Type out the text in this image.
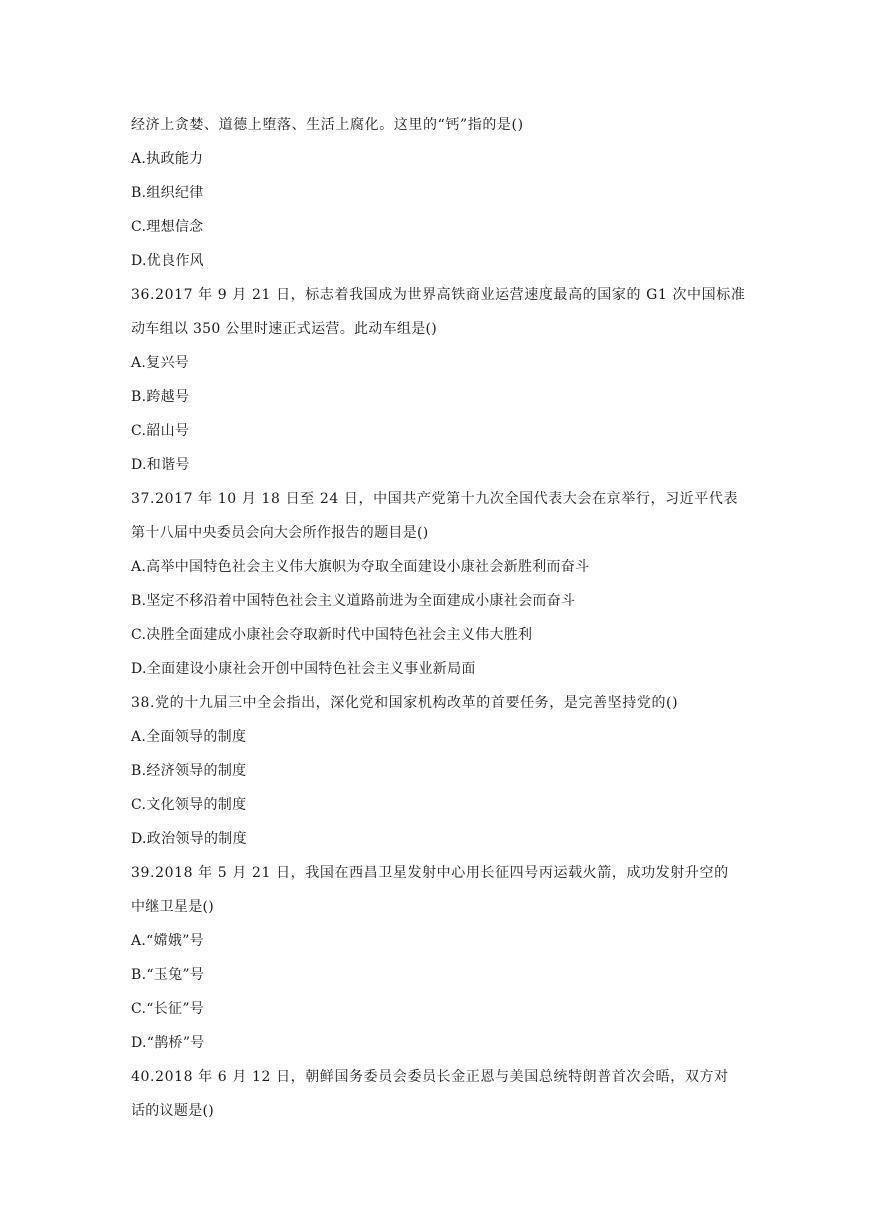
经济上贪婪、道德上堕落、生活上腐化。这里的“钙”指的是()
A.执政能力
B.组织纪律
C.理想信念
D.优良作风
36.2017 年 9 月 21 日，标志着我国成为世界高铁商业运营速度最高的国家的 G1 次中国标准
动车组以 350 公里时速正式运营。此动车组是()
A.复兴号
B.跨越号
C.韶山号
D.和谐号
37.2017 年 10 月 18 日至 24 日，中国共产党第十九次全国代表大会在京举行，习近平代表
第十八届中央委员会向大会所作报告的题目是()
A.高举中国特色社会主义伟大旗帜为夺取全面建设小康社会新胜利而奋斗
B.坚定不移沿着中国特色社会主义道路前进为全面建成小康社会而奋斗
C.决胜全面建成小康社会夺取新时代中国特色社会主义伟大胜利
D.全面建设小康社会开创中国特色社会主义事业新局面
38.党的十九届三中全会指出，深化党和国家机构改革的首要任务，是完善坚持党的()
A.全面领导的制度
B.经济领导的制度
C.文化领导的制度
D.政治领导的制度
39.2018 年 5 月 21 日，我国在西昌卫星发射中心用长征四号丙运载火箭，成功发射升空的
中继卫星是()
A.“嫦娥”号
B.“玉兔”号
C.“长征”号
D.“鹊桥”号
40.2018 年 6 月 12 日，朝鲜国务委员会委员长金正恩与美国总统特朗普首次会晤，双方对
话的议题是()
